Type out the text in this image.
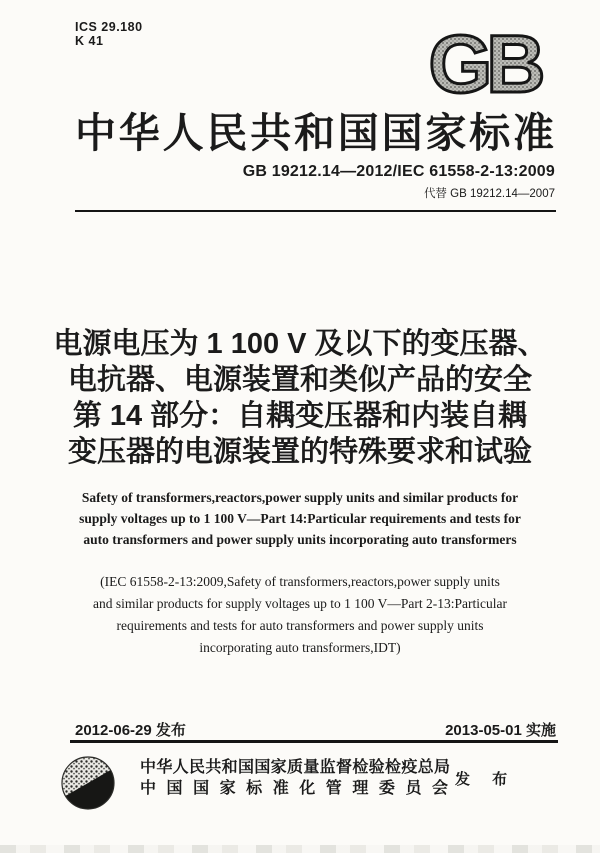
ICS 29.180
K 41	GB
中华人民共和国国家标准
GB 19212.14—2012/IEC 61558-2-13:2009
代替 GB 19212.14—2007
电源电压为 1 100 V 及以下的变压器、
电抗器、电源装置和类似产品的安全
第 14 部分：自耦变压器和内装自耦
变压器的电源装置的特殊要求和试验
Safety of transformers,reactors,power supply units and similar products for
supply voltages up to 1 100 V—Part 14:Particular requirements and tests for
auto transformers and power supply units incorporating auto transformers
(IEC 61558-2-13:2009,Safety of transformers,reactors,power supply units
and similar products for supply voltages up to 1 100 V—Part 2-13:Particular
requirements and tests for auto transformers and power supply units
incorporating auto transformers,IDT)
2012-06-29 发布	2013-05-01 实施
中华人民共和国国家质量监督检验检疫总局
中国国家标准化管理委员会
发 布
